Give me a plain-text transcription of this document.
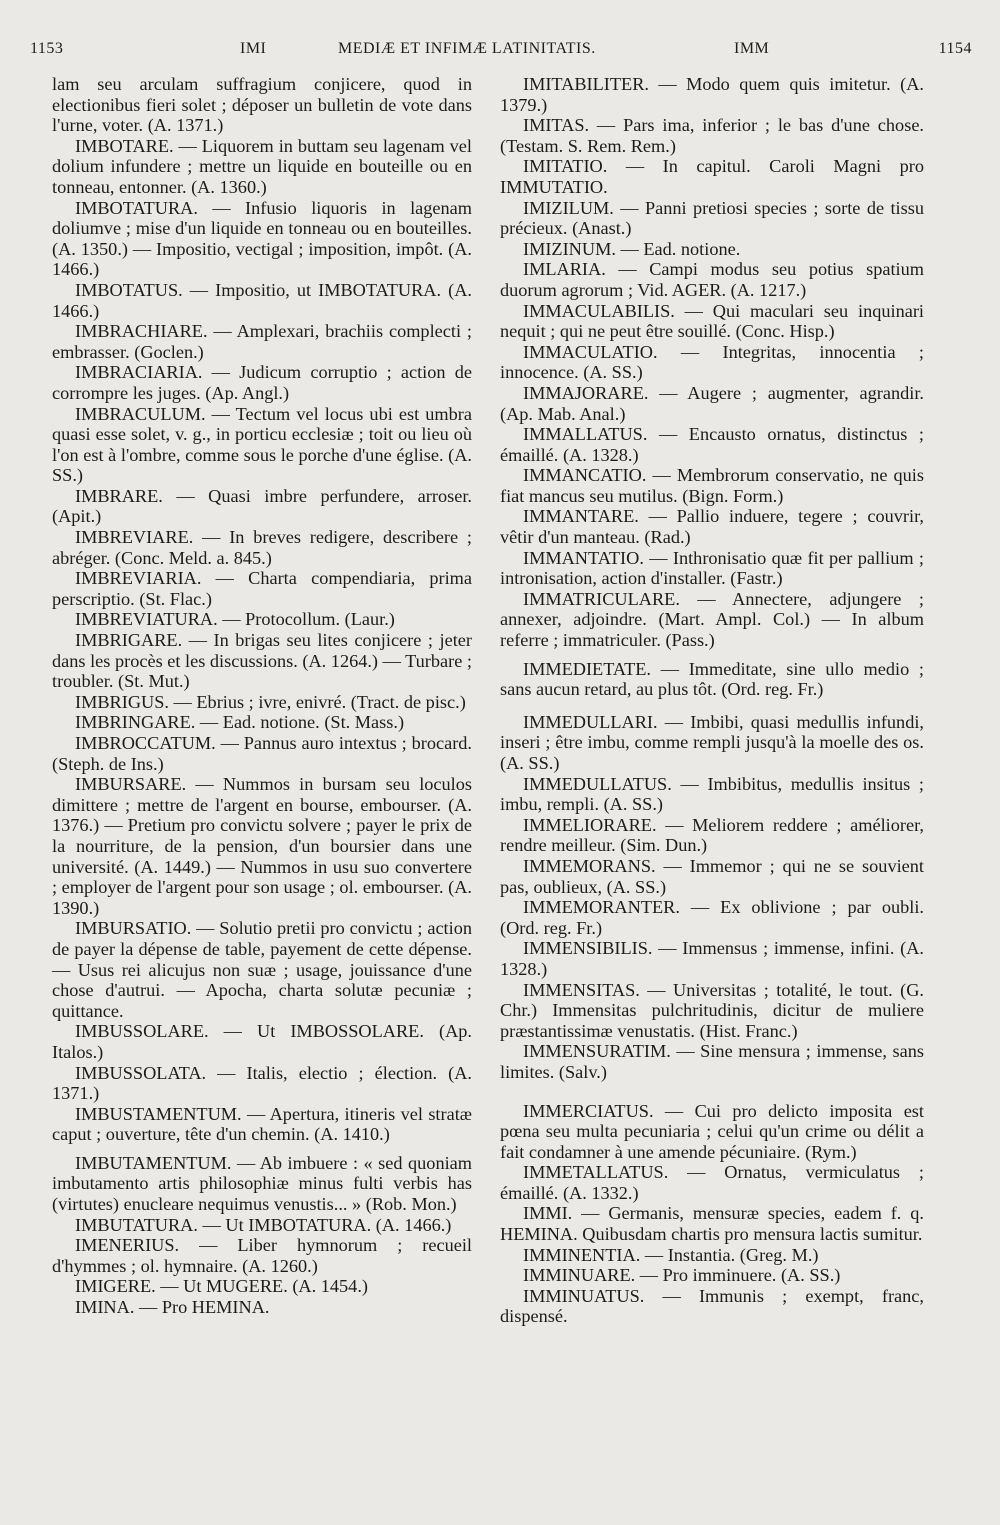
1153	IMI	MEDIÆ ET INFIMÆ LATINITATIS.	IMM	1154

lam seu arculam suffragium conjicere, quod in electionibus fieri solet ; déposer un bulletin de vote dans l'urne, voter. (A. 1371.)

IMBOTARE. — Liquorem in buttam seu lagenam vel dolium infundere ; mettre un liquide en bouteille ou en tonneau, entonner. (A. 1360.)

IMBOTATURA. — Infusio liquoris in lagenam doliumve ; mise d'un liquide en tonneau ou en bouteilles. (A. 1350.) — Impositio, vectigal ; imposition, impôt. (A. 1466.)

IMBOTATUS. — Impositio, ut IMBOTATURA. (A. 1466.)

IMBRACHIARE. — Amplexari, brachiis complecti ; embrasser. (Goclen.)

IMBRACIARIA. — Judicum corruptio ; action de corrompre les juges. (Ap. Angl.)

IMBRACULUM. — Tectum vel locus ubi est umbra quasi esse solet, v. g., in porticu ecclesiæ ; toit ou lieu où l'on est à l'ombre, comme sous le porche d'une église. (A. SS.)

IMBRARE. — Quasi imbre perfundere, arroser. (Apit.)

IMBREVIARE. — In breves redigere, describere ; abréger. (Conc. Meld. a. 845.)

IMBREVIARIA. — Charta compendiaria, prima perscriptio. (St. Flac.)

IMBREVIATURA. — Protocollum. (Laur.)

IMBRIGARE. — In brigas seu lites conjicere ; jeter dans les procès et les discussions. (A. 1264.) — Turbare ; troubler. (St. Mut.)

IMBRIGUS. — Ebrius ; ivre, enivré. (Tract. de pisc.)

IMBRINGARE. — Ead. notione. (St. Mass.)

IMBROCCATUM. — Pannus auro intextus ; brocard. (Steph. de Ins.)

IMBURSARE. — Nummos in bursam seu loculos dimittere ; mettre de l'argent en bourse, embourser. (A. 1376.) — Pretium pro convictu solvere ; payer le prix de la nourriture, de la pension, d'un boursier dans une université. (A. 1449.) — Nummos in usu suo convertere ; employer de l'argent pour son usage ; ol. embourser. (A. 1390.)

IMBURSATIO. — Solutio pretii pro convictu ; action de payer la dépense de table, payement de cette dépense. — Usus rei alicujus non suæ ; usage, jouissance d'une chose d'autrui. — Apocha, charta solutæ pecuniæ ; quittance.

IMBUSSOLARE. — Ut IMBOSSOLARE. (Ap. Italos.)

IMBUSSOLATA. — Italis, electio ; élection. (A. 1371.)

IMBUSTAMENTUM. — Apertura, itineris vel stratæ caput ; ouverture, tête d'un chemin. (A. 1410.)

IMBUTAMENTUM. — Ab imbuere : « sed quoniam imbutamento artis philosophiæ minus fulti verbis has (virtutes) enucleare nequimus venustis... » (Rob. Mon.)

IMBUTATURA. — Ut IMBOTATURA. (A. 1466.)

IMENERIUS. — Liber hymnorum ; recueil d'hymmes ; ol. hymnaire. (A. 1260.)

IMIGERE. — Ut MUGERE. (A. 1454.)

IMINA. — Pro HEMINA.

IMITABILITER. — Modo quem quis imitetur. (A. 1379.)

IMITAS. — Pars ima, inferior ; le bas d'une chose. (Testam. S. Rem. Rem.)

IMITATIO. — In capitul. Caroli Magni pro IMMUTATIO.

IMIZILUM. — Panni pretiosi species ; sorte de tissu précieux. (Anast.)

IMIZINUM. — Ead. notione.

IMLARIA. — Campi modus seu potius spatium duorum agrorum ; Vid. AGER. (A. 1217.)

IMMACULABILIS. — Qui maculari seu inquinari nequit ; qui ne peut être souillé. (Conc. Hisp.)

IMMACULATIO. — Integritas, innocentia ; innocence. (A. SS.)

IMMAJORARE. — Augere ; augmenter, agrandir. (Ap. Mab. Anal.)

IMMALLATUS. — Encausto ornatus, distinctus ; émaillé. (A. 1328.)

IMMANCATIO. — Membrorum conservatio, ne quis fiat mancus seu mutilus. (Bign. Form.)

IMMANTARE. — Pallio induere, tegere ; couvrir, vêtir d'un manteau. (Rad.)

IMMANTATIO. — Inthronisatio quæ fit per pallium ; intronisation, action d'installer. (Fastr.)

IMMATRICULARE. — Annectere, adjungere ; annexer, adjoindre. (Mart. Ampl. Col.) — In album referre ; immatriculer. (Pass.)

IMMEDIETATE. — Immeditate, sine ullo medio ; sans aucun retard, au plus tôt. (Ord. reg. Fr.)

IMMEDULLARI. — Imbibi, quasi medullis infundi, inseri ; être imbu, comme rempli jusqu'à la moelle des os. (A. SS.)

IMMEDULLATUS. — Imbibitus, medullis insitus ; imbu, rempli. (A. SS.)

IMMELIORARE. — Meliorem reddere ; améliorer, rendre meilleur. (Sim. Dun.)

IMMEMORANS. — Immemor ; qui ne se souvient pas, oublieux, (A. SS.)

IMMEMORANTER. — Ex oblivione ; par oubli. (Ord. reg. Fr.)

IMMENSIBILIS. — Immensus ; immense, infini. (A. 1328.)

IMMENSITAS. — Universitas ; totalité, le tout. (G. Chr.) Immensitas pulchritudinis, dicitur de muliere præstantissimæ venustatis. (Hist. Franc.)

IMMENSURATIM. — Sine mensura ; immense, sans limites. (Salv.)

IMMERCIATUS. — Cui pro delicto imposita est pœna seu multa pecuniaria ; celui qu'un crime ou délit a fait condamner à une amende pécuniaire. (Rym.)

IMMETALLATUS. — Ornatus, vermiculatus ; émaillé. (A. 1332.)

IMMI. — Germanis, mensuræ species, eadem f. q. HEMINA. Quibusdam chartis pro mensura lactis sumitur.

IMMINENTIA. — Instantia. (Greg. M.)

IMMINUARE. — Pro imminuere. (A. SS.)

IMMINUATUS. — Immunis ; exempt, franc, dispensé.
